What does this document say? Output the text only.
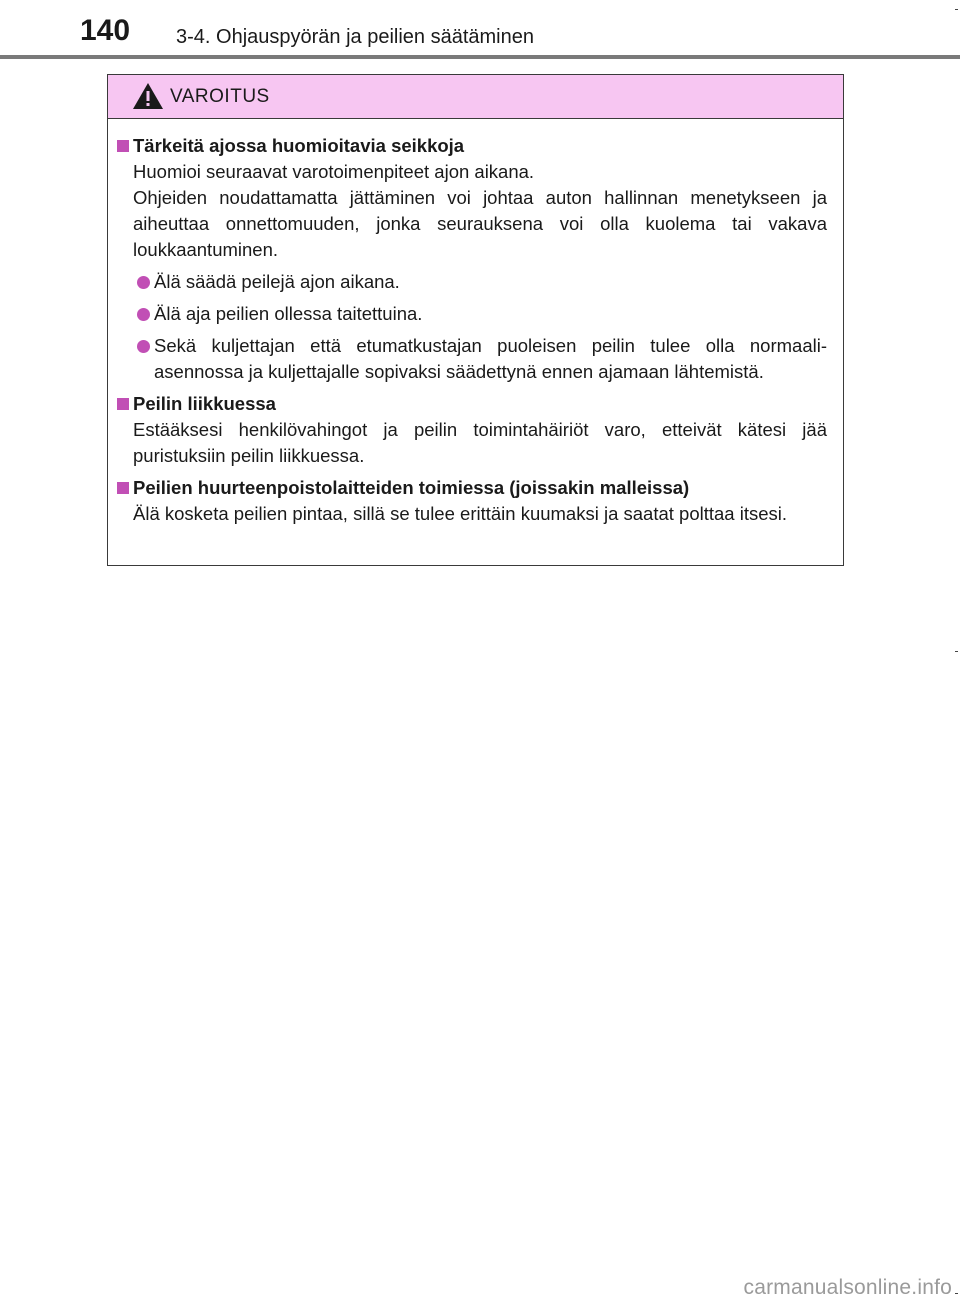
140 3-4. Ohjauspyörän ja peilien säätäminen
VAROITUS
Tärkeitä ajossa huomioitavia seikkoja

Huomioi seuraavat varotoimenpiteet ajon aikana.

Ohjeiden noudattamatta jättäminen voi johtaa auton hallinnan menetykseen ja aiheuttaa onnettomuuden, jonka seurauksena voi olla kuolema tai vakava loukkaantuminen.

Älä säädä peilejä ajon aikana.
Älä aja peilien ollessa taitettuina.
Sekä kuljettajan että etumatkustajan puoleisen peilin tulee olla normaali-asennossa ja kuljettajalle sopivaksi säädettynä ennen ajamaan lähtemistä.
Peilin liikkuessa

Estääksesi henkilövahingot ja peilin toimintahäiriöt varo, etteivät kätesi jää puristuksiin peilin liikkuessa.

Peilien huurteenpoistolaitteiden toimiessa (joissakin malleissa)

Älä kosketa peilien pintaa, sillä se tulee erittäin kuumaksi ja saatat polttaa itsesi.

carmanualsonline.info
